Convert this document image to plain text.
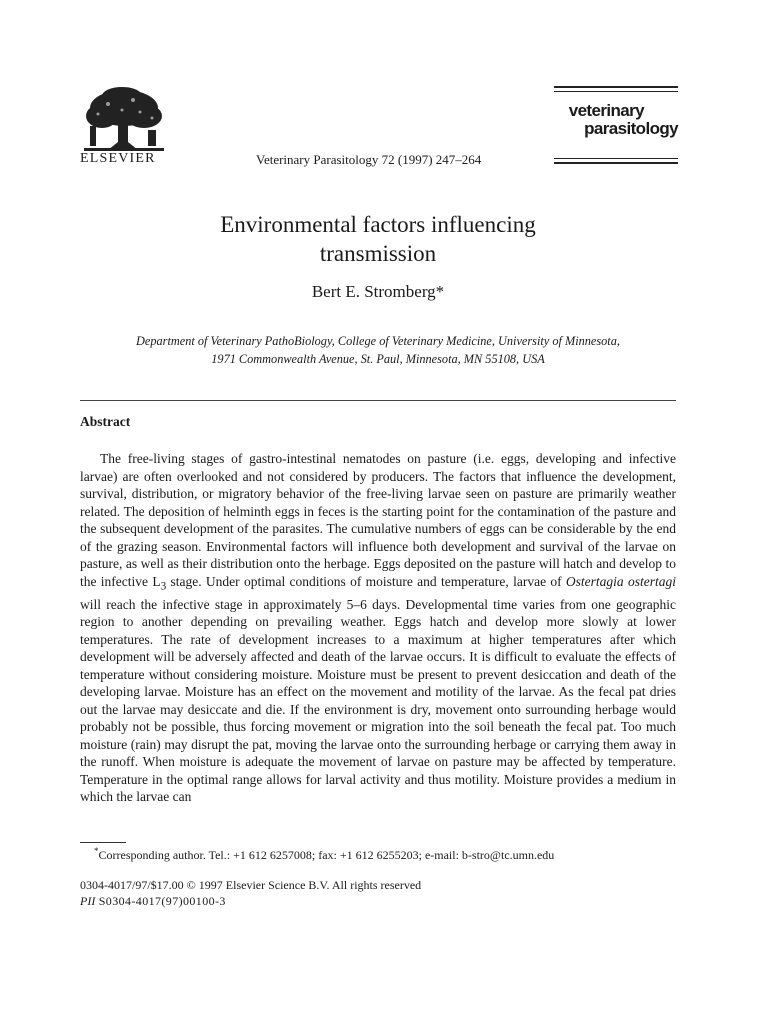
ELSEVIER	Veterinary Parasitology 72 (1997) 247–264
veterinary
parasitology
Environmental factors influencing
transmission
Bert E. Stromberg*
Department of Veterinary PathoBiology, College of Veterinary Medicine, University of Minnesota,
1971 Commonwealth Avenue, St. Paul, Minnesota, MN 55108, USA
Abstract
The free-living stages of gastro-intestinal nematodes on pasture (i.e. eggs, developing and infective larvae) are often overlooked and not considered by producers. The factors that influence the development, survival, distribution, or migratory behavior of the free-living larvae seen on pasture are primarily weather related. The deposition of helminth eggs in feces is the starting point for the contamination of the pasture and the subsequent development of the parasites. The cumulative numbers of eggs can be considerable by the end of the grazing season. Environmental factors will influence both development and survival of the larvae on pasture, as well as their distribution onto the herbage. Eggs deposited on the pasture will hatch and develop to the infective $L_3$ stage. Under optimal conditions of moisture and temperature, larvae of Ostertagia ostertagi will reach the infective stage in approximately 5–6 days. Developmental time varies from one geographic region to another depending on prevailing weather. Eggs hatch and develop more slowly at lower temperatures. The rate of development increases to a maximum at higher temperatures after which development will be adversely affected and death of the larvae occurs. It is difficult to evaluate the effects of temperature without considering moisture. Moisture must be present to prevent desiccation and death of the developing larvae. Moisture has an effect on the movement and motility of the larvae. As the fecal pat dries out the larvae may desiccate and die. If the environment is dry, movement onto surrounding herbage would probably not be possible, thus forcing movement or migration into the soil beneath the fecal pat. Too much moisture (rain) may disrupt the pat, moving the larvae onto the surrounding herbage or carrying them away in the runoff. When moisture is adequate the movement of larvae on pasture may be affected by temperature. Temperature in the optimal range allows for larval activity and thus motility. Moisture provides a medium in which the larvae can
*Corresponding author. Tel.: +1 612 6257008; fax: +1 612 6255203; e-mail: b-stro@tc.umn.edu
0304-4017/97/$17.00 © 1997 Elsevier Science B.V. All rights reserved
PII S0304-4017(97)00100-3
